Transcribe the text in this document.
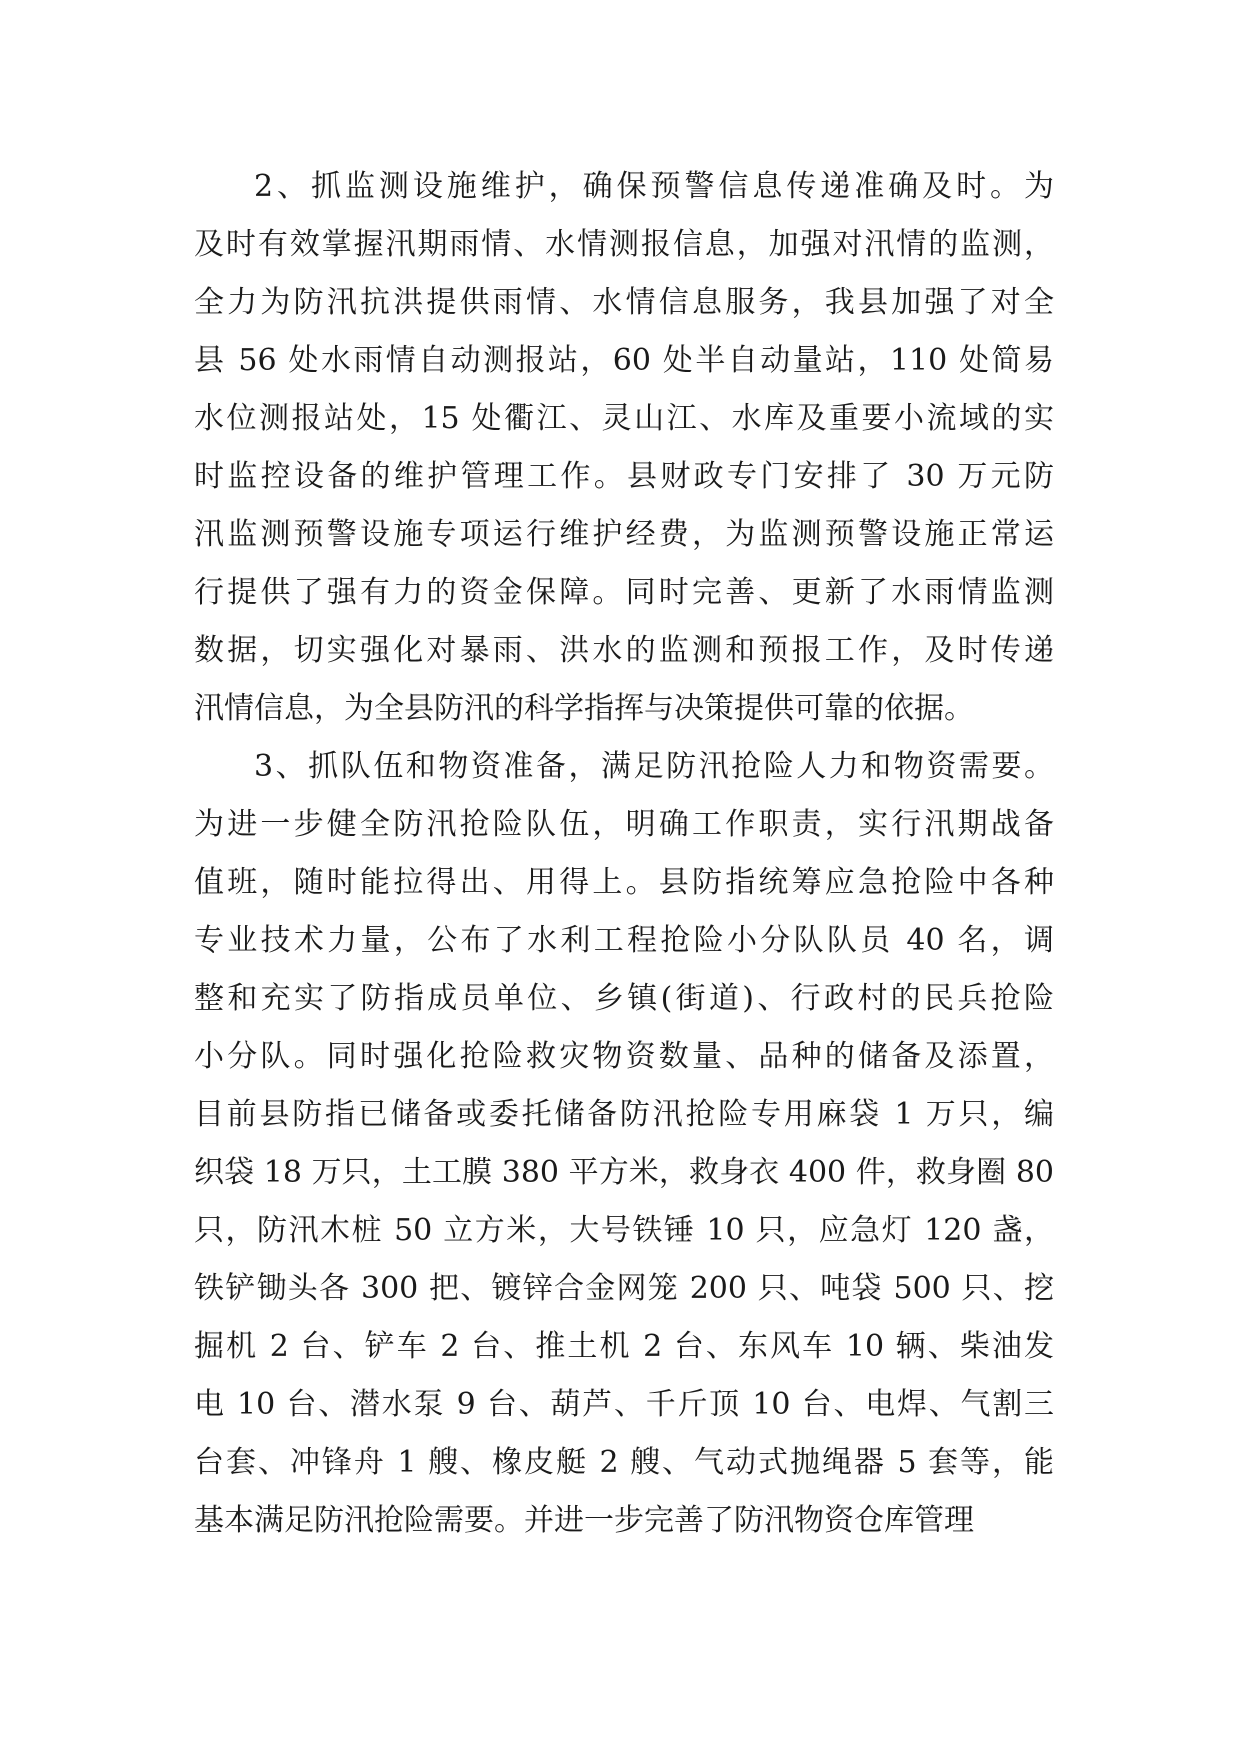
2、抓监测设施维护，确保预警信息传递准确及时。为
及时有效掌握汛期雨情、水情测报信息，加强对汛情的监测，
全力为防汛抗洪提供雨情、水情信息服务，我县加强了对全
县 56 处水雨情自动测报站，60 处半自动量站，110 处简易
水位测报站处，15 处衢江、灵山江、水库及重要小流域的实
时监控设备的维护管理工作。县财政专门安排了 30 万元防
汛监测预警设施专项运行维护经费，为监测预警设施正常运
行提供了强有力的资金保障。同时完善、更新了水雨情监测
数据，切实强化对暴雨、洪水的监测和预报工作，及时传递
汛情信息，为全县防汛的科学指挥与决策提供可靠的依据。
3、抓队伍和物资准备，满足防汛抢险人力和物资需要。
为进一步健全防汛抢险队伍，明确工作职责，实行汛期战备
值班，随时能拉得出、用得上。县防指统筹应急抢险中各种
专业技术力量，公布了水利工程抢险小分队队员 40 名，调
整和充实了防指成员单位、乡镇(街道)、行政村的民兵抢险
小分队。同时强化抢险救灾物资数量、品种的储备及添置，
目前县防指已储备或委托储备防汛抢险专用麻袋 1 万只，编
织袋 18 万只，土工膜 380 平方米，救身衣 400 件，救身圈 80
只，防汛木桩 50 立方米，大号铁锤 10 只，应急灯 120 盏，
铁铲锄头各 300 把、镀锌合金网笼 200 只、吨袋 500 只、挖
掘机 2 台、铲车 2 台、推土机 2 台、东风车 10 辆、柴油发
电 10 台、潜水泵 9 台、葫芦、千斤顶 10 台、电焊、气割三
台套、冲锋舟 1 艘、橡皮艇 2 艘、气动式抛绳器 5 套等，能
基本满足防汛抢险需要。并进一步完善了防汛物资仓库管理
